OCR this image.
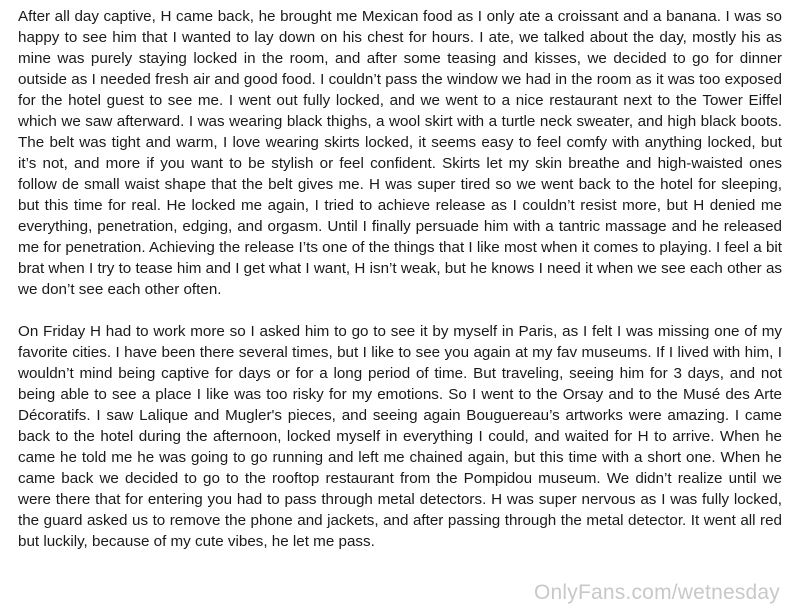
After all day captive, H came back, he brought me Mexican food as I only ate a croissant and a banana. I was so happy to see him that I wanted to lay down on his chest for hours. I ate, we talked about the day, mostly his as mine was purely staying locked in the room, and after some teasing and kisses, we decided to go for dinner outside as I needed fresh air and good food. I couldn’t pass the window we had in the room as it was too exposed for the hotel guest to see me. I went out fully locked, and we went to a nice restaurant next to the Tower Eiffel which we saw afterward. I was wearing black thighs, a wool skirt with a turtle neck sweater, and high black boots. The belt was tight and warm, I love wearing skirts locked, it seems easy to feel comfy with anything locked, but it’s not, and more if you want to be stylish or feel confident. Skirts let my skin breathe and high-waisted ones follow de small waist shape that the belt gives me. H was super tired so we went back to the hotel for sleeping, but this time for real. He locked me again, I tried to achieve release as I couldn’t resist more, but H denied me everything, penetration, edging, and orgasm. Until I finally persuade him with a tantric massage and he released me for penetration. Achieving the release I’ts one of the things that I like most when it comes to playing. I feel a bit brat when I try to tease him and I get what I want, H isn’t weak, but he knows I need it when we see each other as we don’t see each other often.

On Friday H had to work more so I asked him to go to see it by myself in Paris, as I felt I was missing one of my favorite cities. I have been there several times, but I like to see you again at my fav museums. If I lived with him, I wouldn’t mind being captive for days or for a long period of time. But traveling, seeing him for 3 days, and not being able to see a place I like was too risky for my emotions. So I went to the Orsay and to the Musé des Arte Décoratifs. I saw Lalique and Mugler's pieces, and seeing again Bouguereau’s artworks were amazing. I came back to the hotel during the afternoon, locked myself in everything I could, and waited for H to arrive. When he came he told me he was going to go running and left me chained again, but this time with a short one. When he came back we decided to go to the rooftop restaurant from the Pompidou museum. We didn’t realize until we were there that for entering you had to pass through metal detectors. H was super nervous as I was fully locked, the guard asked us to remove the phone and jackets, and after passing through the metal detector. It went all red but luckily, because of my cute vibes, he let me pass.

OnlyFans.com/wetnesday
